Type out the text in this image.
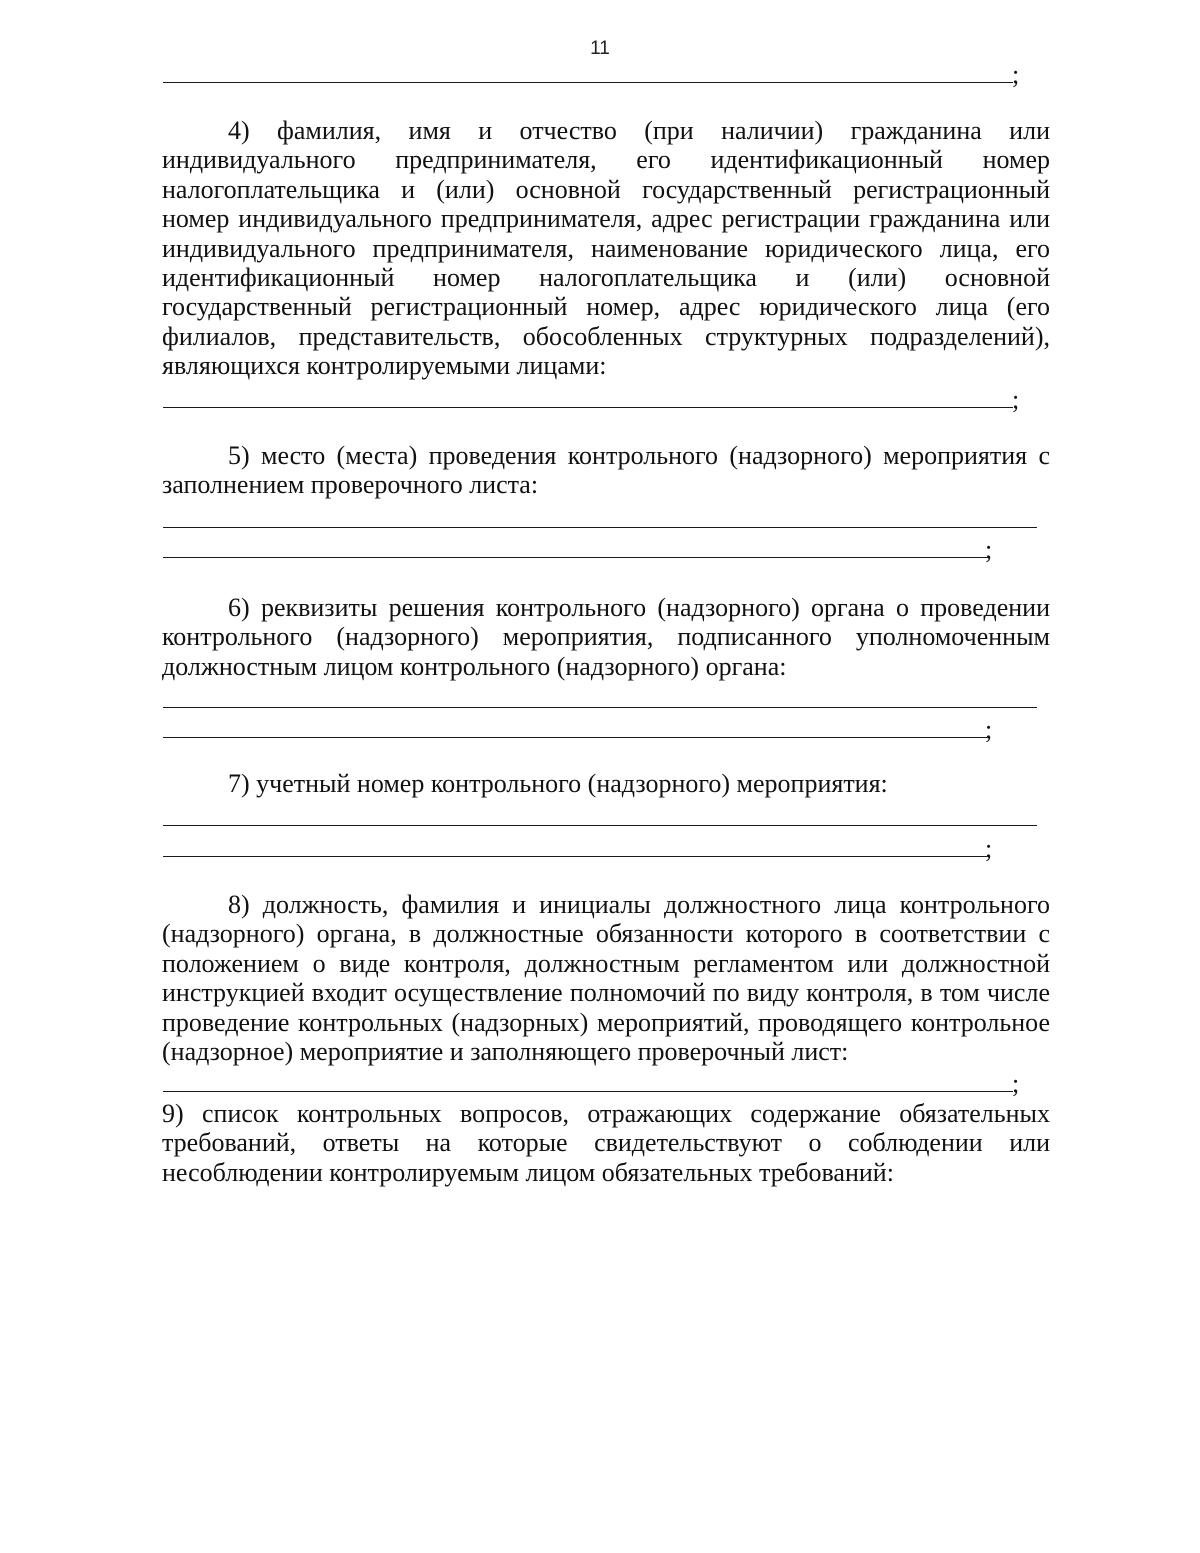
11
;

4) фамилия, имя и отчество (при наличии) гражданина или индивидуального предпринимателя, его идентификационный номер налогоплательщика и (или) основной государственный регистрационный номер индивидуального предпринимателя, адрес регистрации гражданина или индивидуального предпринимателя, наименование юридического лица, его идентификационный номер налогоплательщика и (или) основной государственный регистрационный номер, адрес юридического лица (его филиалов, представительств, обособленных структурных подразделений), являющихся контролируемыми лицами:

;

5) место (места) проведения контрольного (надзорного) мероприятия с заполнением проверочного листа:

;

6) реквизиты решения контрольного (надзорного) органа о проведении контрольного (надзорного) мероприятия, подписанного уполномоченным должностным лицом контрольного (надзорного) органа:

;

7) учетный номер контрольного (надзорного) мероприятия:

;

8) должность, фамилия и инициалы должностного лица контрольного (надзорного) органа, в должностные обязанности которого в соответствии с положением о виде контроля, должностным регламентом или должностной инструкцией входит осуществление полномочий по виду контроля, в том числе проведение контрольных (надзорных) мероприятий, проводящего контрольное (надзорное) мероприятие и заполняющего проверочный лист:

;

9) список контрольных вопросов, отражающих содержание обязательных требований, ответы на которые свидетельствуют о соблюдении или несоблюдении контролируемым лицом обязательных требований:
